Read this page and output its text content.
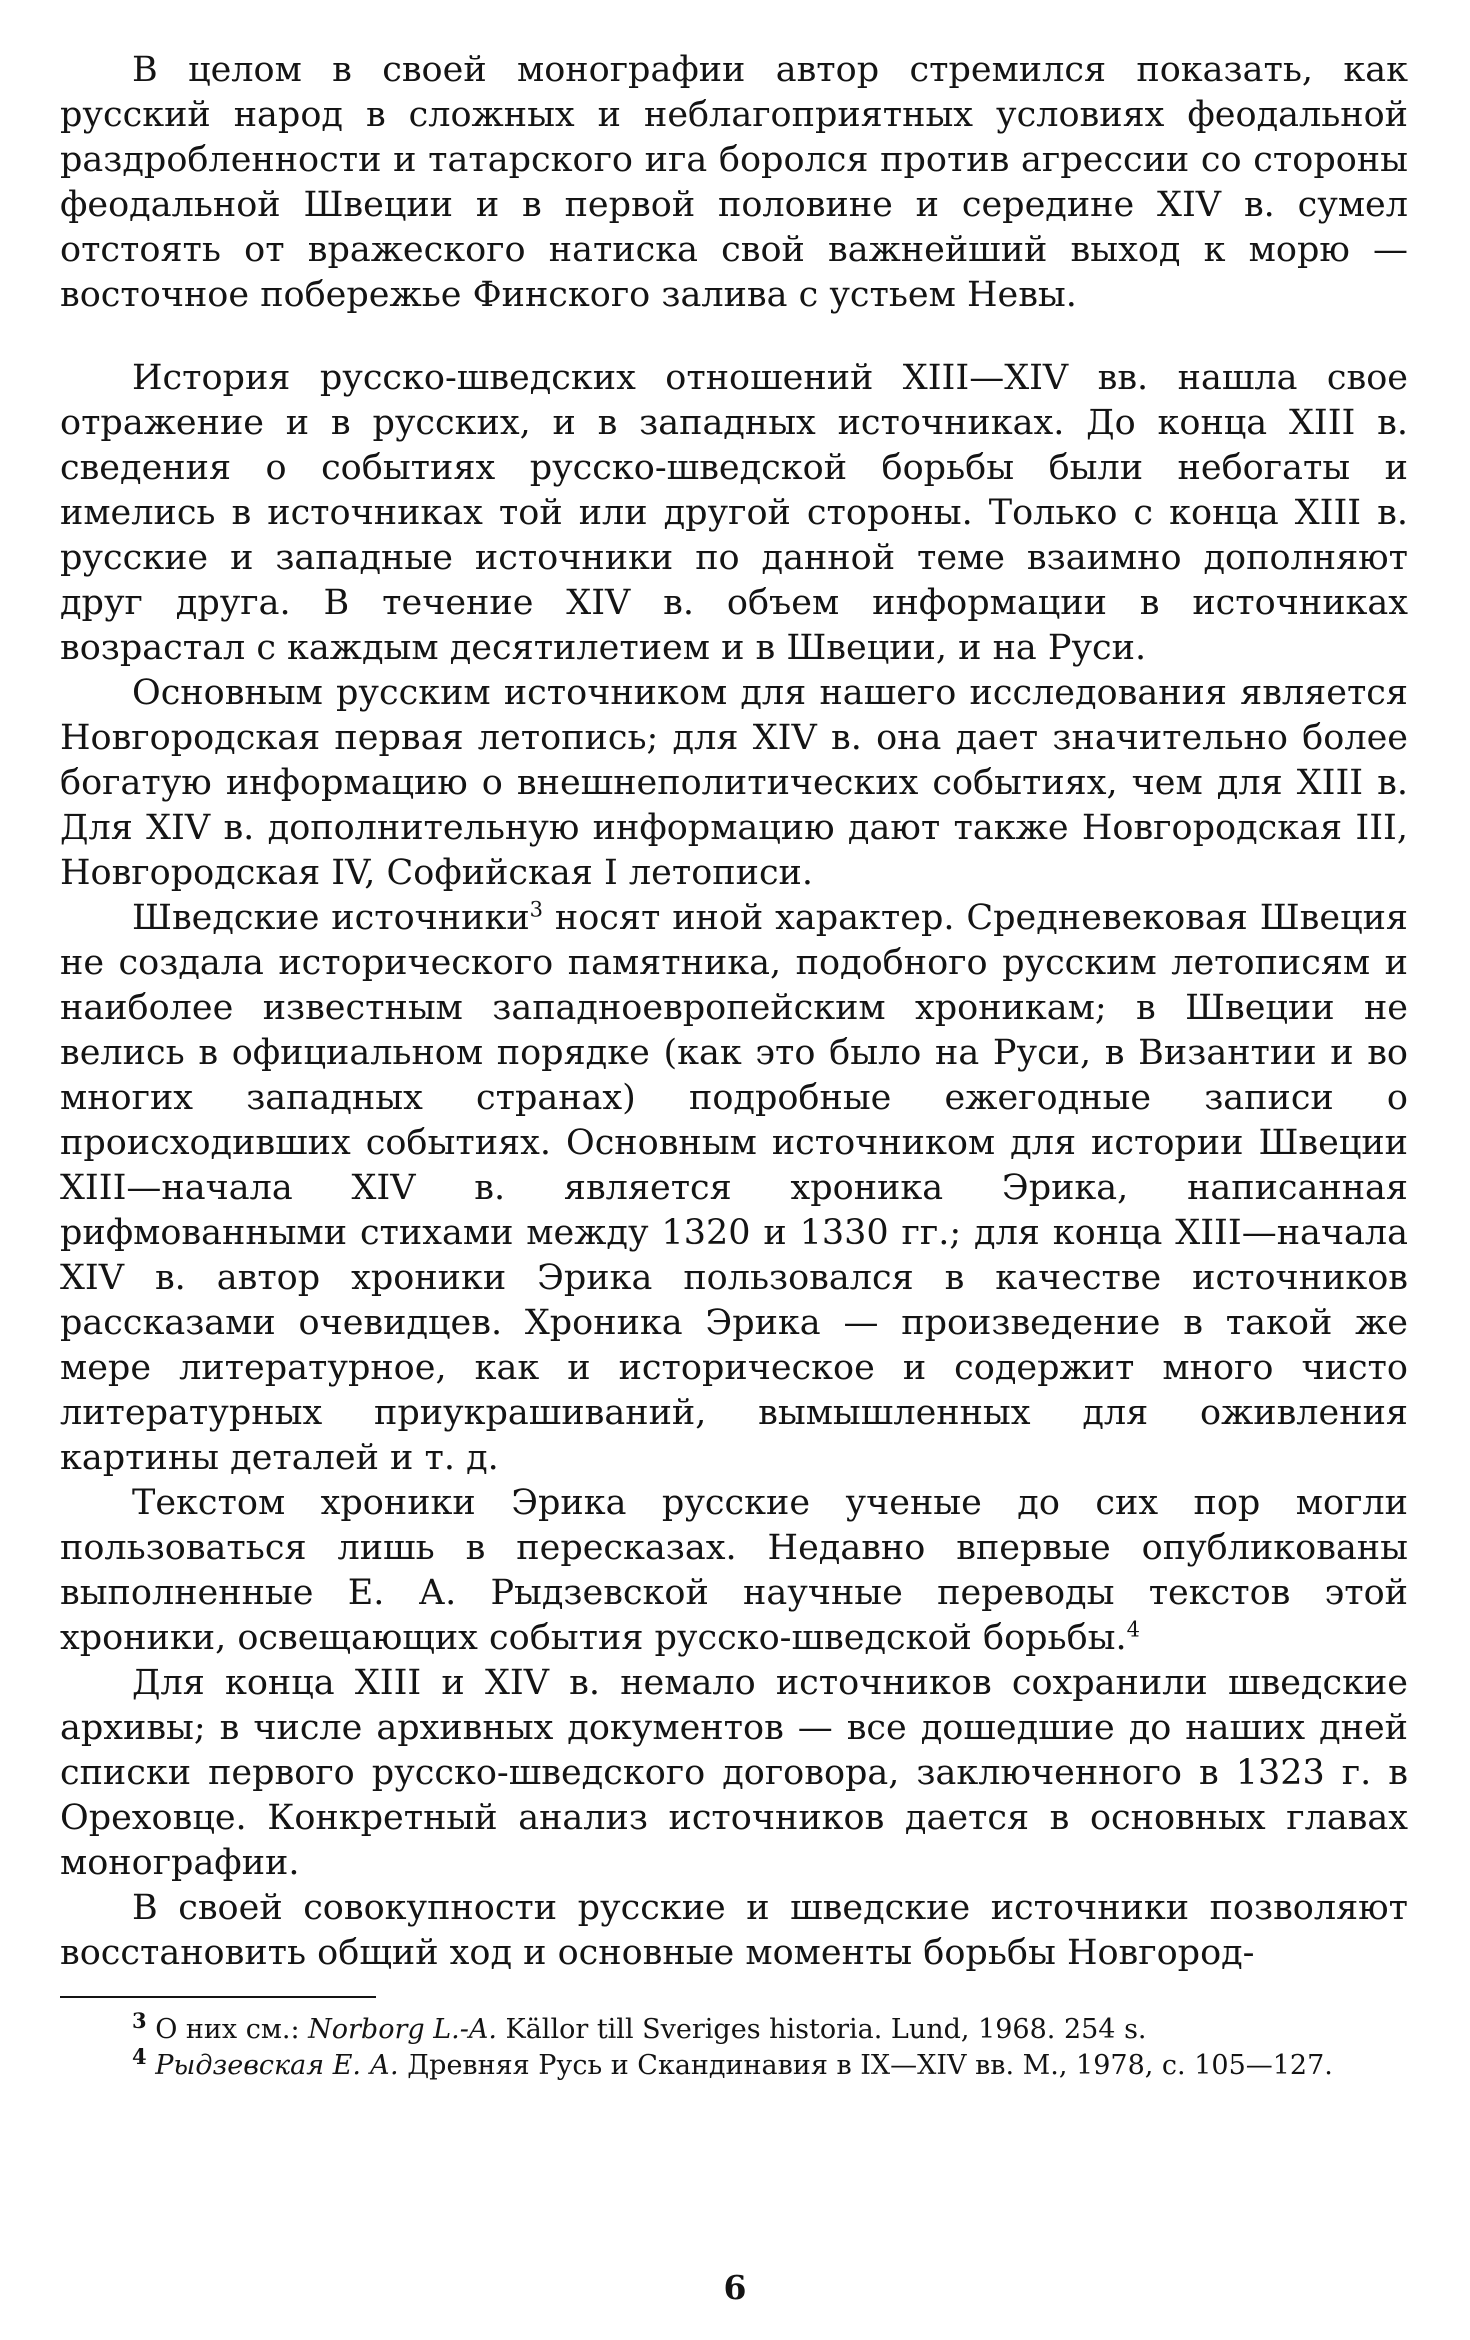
В целом в своей монографии автор стремился показать, как русский народ в сложных и неблагоприятных условиях феодальной раздробленности и татарского ига боролся против агрессии со стороны феодальной Швеции и в первой половине и середине XIV в. сумел отстоять от вражеского натиска свой важнейший выход к морю — восточное побережье Финского залива с устьем Невы.

История русско-шведских отношений XIII—XIV вв. нашла свое отражение и в русских, и в западных источниках. До конца XIII в. сведения о событиях русско-шведской борьбы были небогаты и имелись в источниках той или другой стороны. Только с конца XIII в. русские и западные источники по данной теме взаимно дополняют друг друга. В течение XIV в. объем информации в источниках возрастал с каждым десятилетием и в Швеции, и на Руси.

Основным русским источником для нашего исследования является Новгородская первая летопись; для XIV в. она дает значительно более богатую информацию о внешнеполитических событиях, чем для XIII в. Для XIV в. дополнительную информацию дают также Новгородская III, Новгородская IV, Софийская I летописи.

Шведские источники$^3$ носят иной характер. Средневековая Швеция не создала исторического памятника, подобного русским летописям и наиболее известным западноевропейским хроникам; в Швеции не велись в официальном порядке (как это было на Руси, в Византии и во многих западных странах) подробные ежегодные записи о происходивших событиях. Основным источником для истории Швеции XIII—начала XIV в. является хроника Эрика, написанная рифмованными стихами между 1320 и 1330 гг.; для конца XIII—начала XIV в. автор хроники Эрика пользовался в качестве источников рассказами очевидцев. Хроника Эрика — произведение в такой же мере литературное, как и историческое и содержит много чисто литературных приукрашиваний, вымышленных для оживления картины деталей и т. д.

Текстом хроники Эрика русские ученые до сих пор могли пользоваться лишь в пересказах. Недавно впервые опубликованы выполненные Е. А. Рыдзевской научные переводы текстов этой хроники, освещающих события русско-шведской борьбы.$^4$

Для конца XIII и XIV в. немало источников сохранили шведские архивы; в числе архивных документов — все дошедшие до наших дней списки первого русско-шведского договора, заключенного в 1323 г. в Ореховце. Конкретный анализ источников дается в основных главах монографии.

В своей совокупности русские и шведские источники позволяют восстановить общий ход и основные моменты борьбы Новгород-

$^3$ О них см.: Norborg L.-A. Källor till Sveriges historia. Lund, 1968. 254 s.

$^4$ Рыдзевская Е. А. Древняя Русь и Скандинавия в IX—XIV вв. М., 1978, с. 105—127.

6
